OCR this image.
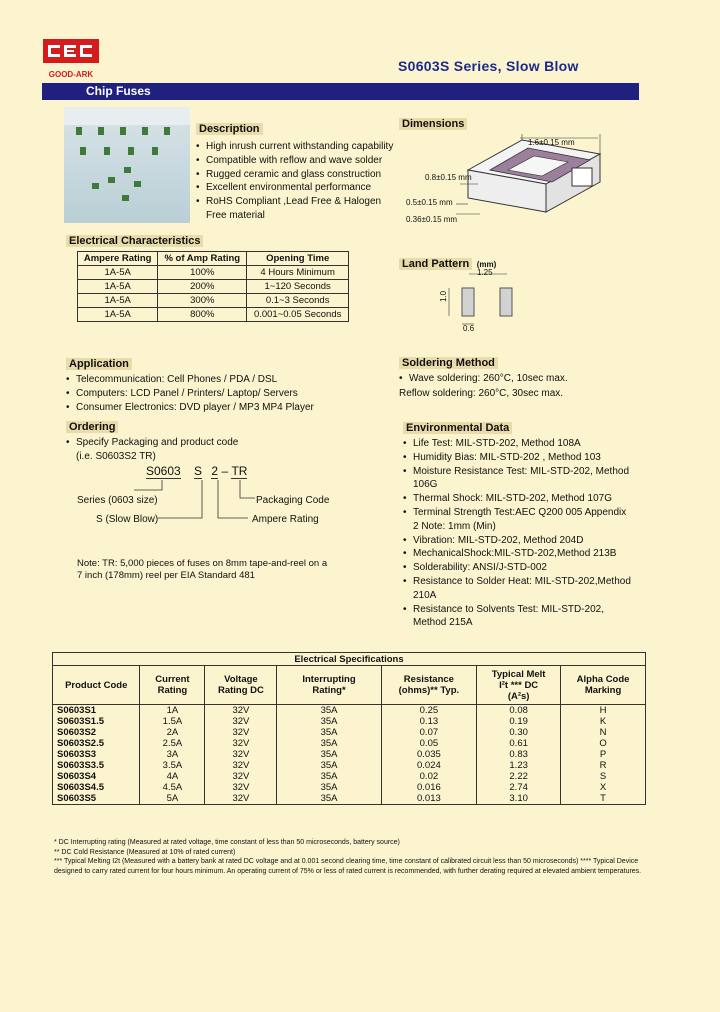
GOOD-ARK
S0603S Series, Slow Blow
Chip Fuses
Description
• High inrush current withstanding capability
• Compatible with reflow and wave solder
• Rugged ceramic and glass construction
• Excellent environmental performance
• RoHS Compliant ,Lead Free & Halogen Free material
Dimensions
1.6±0.15 mm
0.8±0.15 mm
0.5±0.15 mm
0.36±0.15 mm
Electrical Characteristics
Ampere Rating	% of Amp Rating	Opening Time
1A-5A	100%	4 Hours Minimum
1A-5A	200%	1~120 Seconds
1A-5A	300%	0.1~3 Seconds
1A-5A	800%	0.001~0.05 Seconds
Land Pattern (mm)
1.25
1.0
0.6
Application
• Telecommunication: Cell Phones / PDA / DSL
• Computers: LCD Panel / Printers/ Laptop/ Servers
• Consumer Electronics: DVD player / MP3 MP4 Player
Soldering Method
• Wave soldering: 260°C, 10sec max.
Reflow soldering: 260°C, 30sec max.
Ordering
• Specify Packaging and product code
(i.e. S0603S2 TR)
S0603 S 2 – TR
Series (0603 size)
S (Slow Blow)
Packaging Code
Ampere Rating
Note: TR: 5,000 pieces of fuses on 8mm tape-and-reel on a 7 inch (178mm) reel per EIA Standard 481
Environmental Data
• Life Test: MIL-STD-202, Method 108A
• Humidity Bias: MIL-STD-202 , Method 103
• Moisture Resistance Test: MIL-STD-202, Method 106G
• Thermal Shock: MIL-STD-202, Method 107G
• Terminal Strength Test:AEC Q200 005 Appendix 2 Note: 1mm (Min)
• Vibration: MIL-STD-202, Method 204D
• MechanicalShock:MIL-STD-202,Method 213B
• Solderability: ANSI/J-STD-002
• Resistance to Solder Heat: MIL-STD-202,Method 210A
• Resistance to Solvents Test: MIL-STD-202, Method 215A
Electrical Specifications						
Product Code	Current Rating	Voltage Rating DC	Interrupting Rating*	Resistance (ohms)** Typ.	Typical Melt I²t *** DC (A²s)	Alpha Code Marking
S0603S1	1A	32V	35A	0.25	0.08	H
S0603S1.5	1.5A	32V	35A	0.13	0.19	K
S0603S2	2A	32V	35A	0.07	0.30	N
S0603S2.5	2.5A	32V	35A	0.05	0.61	O
S0603S3	3A	32V	35A	0.035	0.83	P
S0603S3.5	3.5A	32V	35A	0.024	1.23	R
S0603S4	4A	32V	35A	0.02	2.22	S
S0603S4.5	4.5A	32V	35A	0.016	2.74	X
S0603S5	5A	32V	35A	0.013	3.10	T
* DC Interrupting rating (Measured at rated voltage, time constant of less than 50 microseconds, battery source)
** DC Cold Resistance (Measured at 10% of rated current)
*** Typical Melting I2t (Measured with a battery bank at rated DC voltage and at 0.001 second clearing time, time constant of calibrated circuit less than 50 microseconds) **** Typical Device designed to carry rated current for four hours minimum. An operating current of 75% or less of rated current is recommended, with further derating required at elevated ambient temperatures.
